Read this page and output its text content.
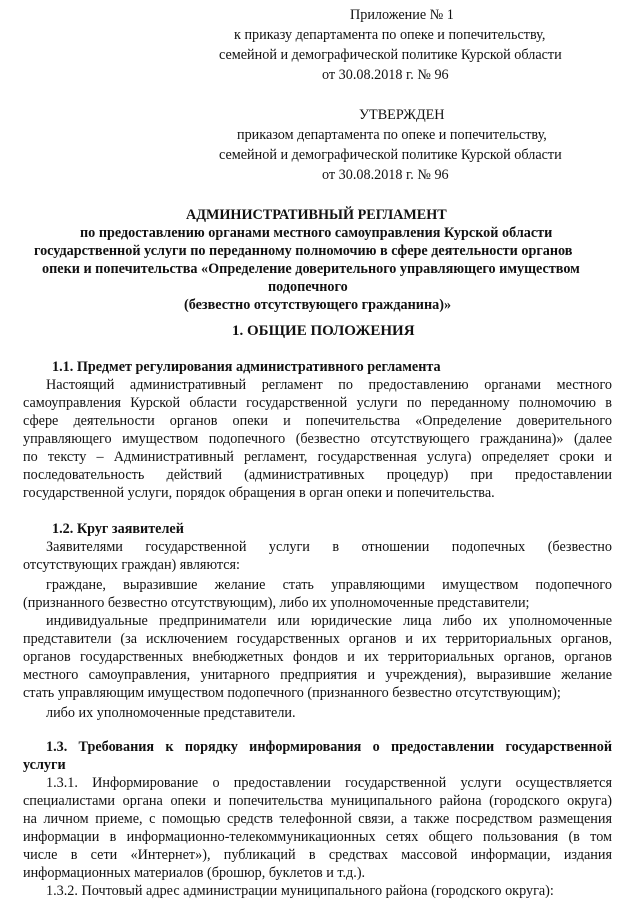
Приложение № 1
к приказу департамента по опеке и попечительству,
семейной и демографической политике Курской области
от 30.08.2018 г. № 96
УТВЕРЖДЕН
приказом департамента по опеке и попечительству,
семейной и демографической политике Курской области
от 30.08.2018 г. № 96
АДМИНИСТРАТИВНЫЙ РЕГЛАМЕНТ
по предоставлению органами местного самоуправления Курской области
государственной услуги по переданному полномочию в сфере деятельности органов
опеки и попечительства «Определение доверительного управляющего имуществом
подопечного
(безвестно отсутствующего гражданина)»
1. ОБЩИЕ ПОЛОЖЕНИЯ
1.1. Предмет регулирования административного регламента
Настоящий административный регламент по предоставлению органами местного
самоуправления Курской области государственной услуги по переданному полномочию в
сфере деятельности органов опеки и попечительства «Определение доверительного
управляющего имуществом подопечного (безвестно отсутствующего гражданина)» (далее
по тексту – Административный регламент, государственная услуга) определяет сроки и
последовательность действий (административных процедур) при предоставлении
государственной услуги, порядок обращения в орган опеки и попечительства.
1.2. Круг заявителей
Заявителями государственной услуги в отношении подопечных (безвестно
отсутствующих граждан) являются:
граждане, выразившие желание стать управляющими имуществом подопечного
(признанного безвестно отсутствующим), либо их уполномоченные представители;
индивидуальные предприниматели или юридические лица либо их уполномоченные
представители (за исключением государственных органов и их территориальных органов,
органов государственных внебюджетных фондов и их территориальных органов, органов
местного самоуправления, унитарного предприятия и учреждения), выразившие желание
стать управляющим имуществом подопечного (признанного безвестно отсутствующим);
либо их уполномоченные представители.
1.3. Требования к порядку информирования о предоставлении государственной
услуги
1.3.1. Информирование о предоставлении государственной услуги осуществляется
специалистами органа опеки и попечительства муниципального района (городского округа)
на личном приеме, с помощью средств телефонной связи, а также посредством размещения
информации в информационно-телекоммуникационных сетях общего пользования (в том
числе в сети «Интернет»), публикаций в средствах массовой информации, издания
информационных материалов (брошюр, буклетов и т.д.).
1.3.2. Почтовый адрес администрации муниципального района (городского округа):
